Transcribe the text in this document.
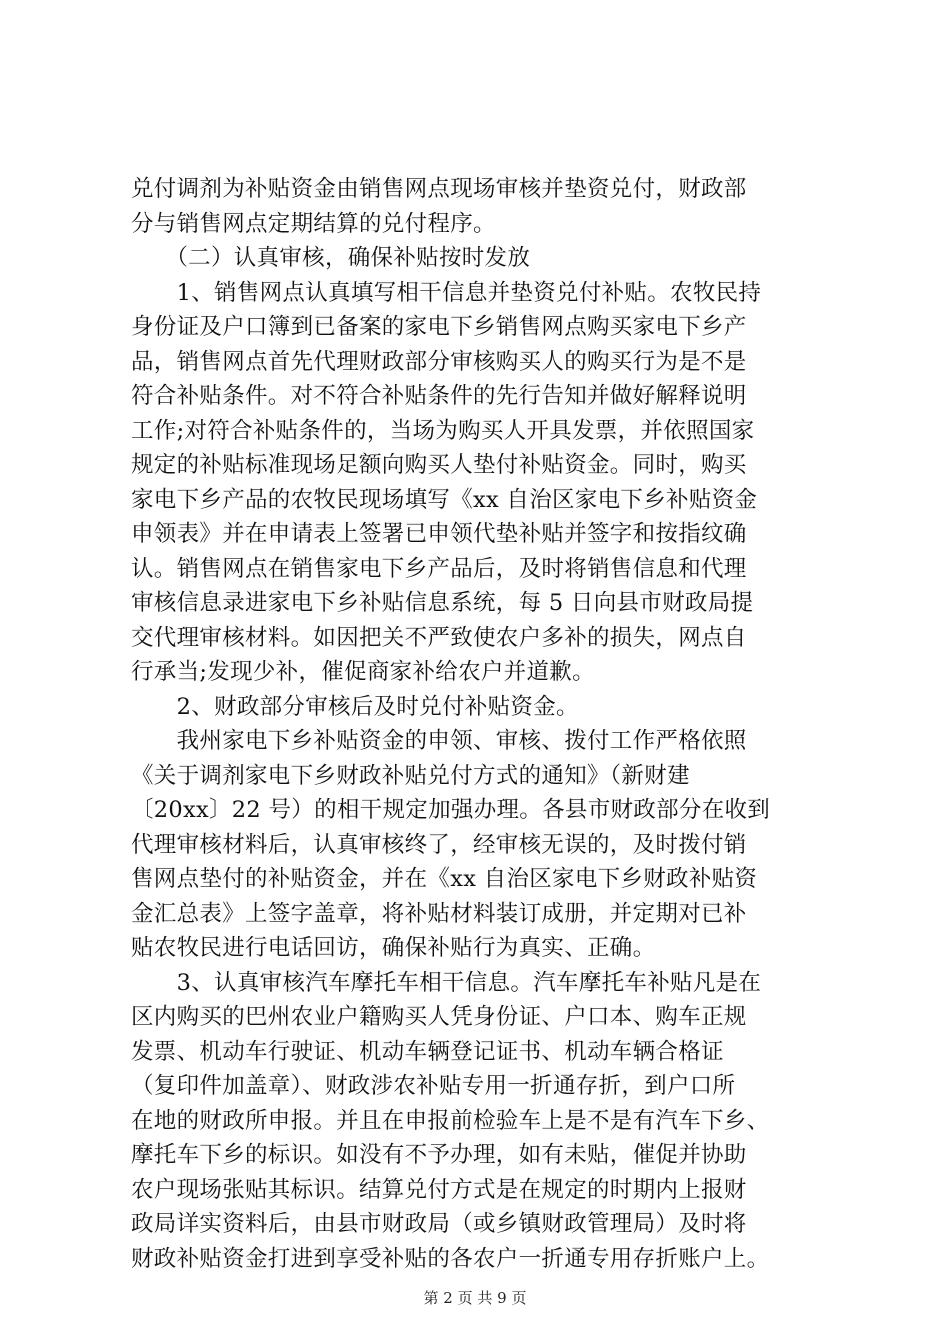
兑付调剂为补贴资金由销售网点现场审核并垫资兑付，财政部
分与销售网点定期结算的兑付程序。
　　（二）认真审核，确保补贴按时发放
　　1、销售网点认真填写相干信息并垫资兑付补贴。农牧民持
身份证及户口簿到已备案的家电下乡销售网点购买家电下乡产
品，销售网点首先代理财政部分审核购买人的购买行为是不是
符合补贴条件。对不符合补贴条件的先行告知并做好解释说明
工作;对符合补贴条件的，当场为购买人开具发票，并依照国家
规定的补贴标准现场足额向购买人垫付补贴资金。同时，购买
家电下乡产品的农牧民现场填写《xx 自治区家电下乡补贴资金
申领表》并在申请表上签署已申领代垫补贴并签字和按指纹确
认。销售网点在销售家电下乡产品后，及时将销售信息和代理
审核信息录进家电下乡补贴信息系统，每 5 日向县市财政局提
交代理审核材料。如因把关不严致使农户多补的损失，网点自
行承当;发现少补，催促商家补给农户并道歉。
　　2、财政部分审核后及时兑付补贴资金。
　　我州家电下乡补贴资金的申领、审核、拨付工作严格依照
《关于调剂家电下乡财政补贴兑付方式的通知》（新财建
〔20xx〕22 号）的相干规定加强办理。各县市财政部分在收到
代理审核材料后，认真审核终了，经审核无误的，及时拨付销
售网点垫付的补贴资金，并在《xx 自治区家电下乡财政补贴资
金汇总表》上签字盖章，将补贴材料装订成册，并定期对已补
贴农牧民进行电话回访，确保补贴行为真实、正确。
　　3、认真审核汽车摩托车相干信息。汽车摩托车补贴凡是在
区内购买的巴州农业户籍购买人凭身份证、户口本、购车正规
发票、机动车行驶证、机动车辆登记证书、机动车辆合格证
（复印件加盖章）、财政涉农补贴专用一折通存折，到户口所
在地的财政所申报。并且在申报前检验车上是不是有汽车下乡、
摩托车下乡的标识。如没有不予办理，如有未贴，催促并协助
农户现场张贴其标识。结算兑付方式是在规定的时期内上报财
政局详实资料后，由县市财政局（或乡镇财政管理局）及时将
财政补贴资金打进到享受补贴的各农户一折通专用存折账户上。
第 2 页 共 9 页
